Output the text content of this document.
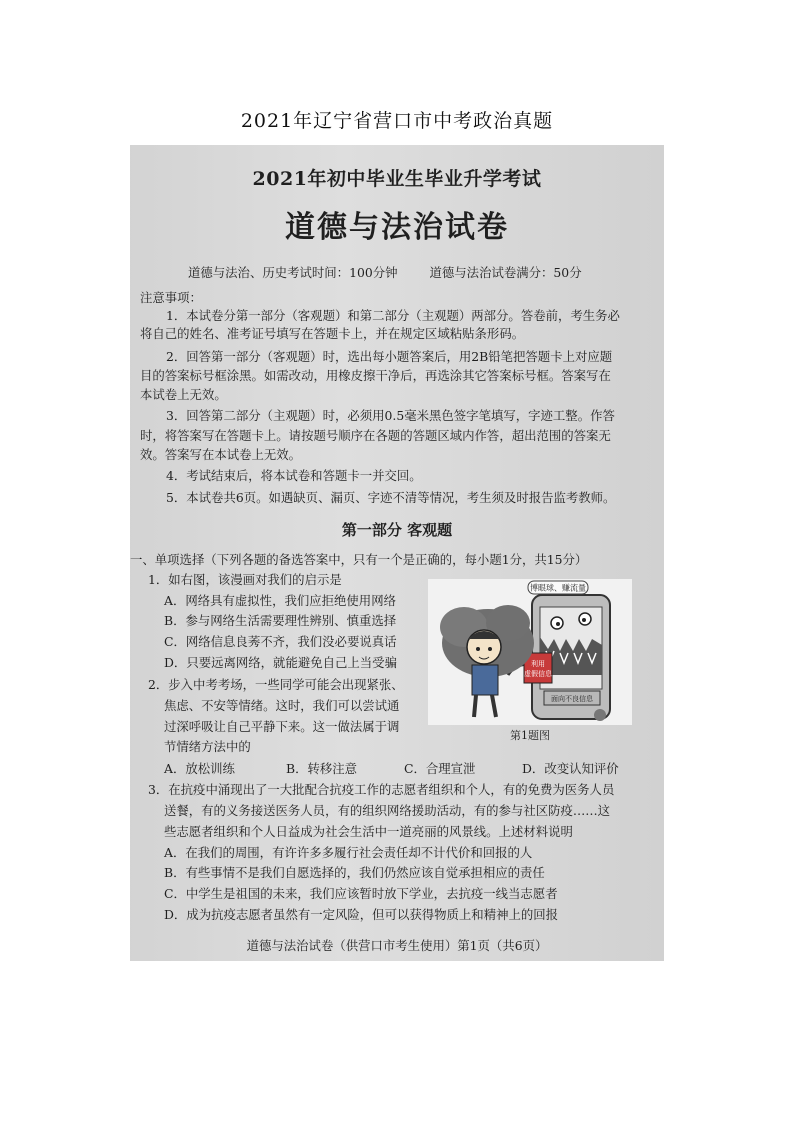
2021年辽宁省营口市中考政治真题
2021年初中毕业生毕业升学考试
道德与法治试卷
道德与法治、历史考试时间：100分钟	道德与法治试卷满分：50分
注意事项：
1．本试卷分第一部分（客观题）和第二部分（主观题）两部分。答卷前，考生务必
将自己的姓名、准考证号填写在答题卡上，并在规定区域粘贴条形码。
2．回答第一部分（客观题）时，选出每小题答案后，用2B铅笔把答题卡上对应题
目的答案标号框涂黑。如需改动，用橡皮擦干净后，再选涂其它答案标号框。答案写在
本试卷上无效。
3．回答第二部分（主观题）时，必须用0.5毫米黑色签字笔填写，字迹工整。作答
时，将答案写在答题卡上。请按题号顺序在各题的答题区域内作答，超出范围的答案无
效。答案写在本试卷上无效。
4．考试结束后，将本试卷和答题卡一并交回。
5．本试卷共6页。如遇缺页、漏页、字迹不清等情况，考生须及时报告监考教师。
第一部分 客观题
一、单项选择（下列各题的备选答案中，只有一个是正确的，每小题1分，共15分）
1．如右图，该漫画对我们的启示是
A．网络具有虚拟性，我们应拒绝使用网络
B．参与网络生活需要理性辨别、慎重选择
C．网络信息良莠不齐，我们没必要说真话
D．只要远离网络，就能避免自己上当受骗	利用
虚假信息
面向不良信息
博眼球、赚流量
第1题图
2．步入中考考场，一些同学可能会出现紧张、
焦虑、不安等情绪。这时，我们可以尝试通
过深呼吸让自己平静下来。这一做法属于调
节情绪方法中的
A．放松训练	B．转移注意	C．合理宣泄	D．改变认知评价
3．在抗疫中涌现出了一大批配合抗疫工作的志愿者组织和个人，有的免费为医务人员
送餐，有的义务接送医务人员，有的组织网络援助活动，有的参与社区防疫……这
些志愿者组织和个人日益成为社会生活中一道亮丽的风景线。上述材料说明
A．在我们的周围，有许许多多履行社会责任却不计代价和回报的人
B．有些事情不是我们自愿选择的，我们仍然应该自觉承担相应的责任
C．中学生是祖国的未来，我们应该暂时放下学业，去抗疫一线当志愿者
D．成为抗疫志愿者虽然有一定风险，但可以获得物质上和精神上的回报
道德与法治试卷（供营口市考生使用）第1页（共6页）
